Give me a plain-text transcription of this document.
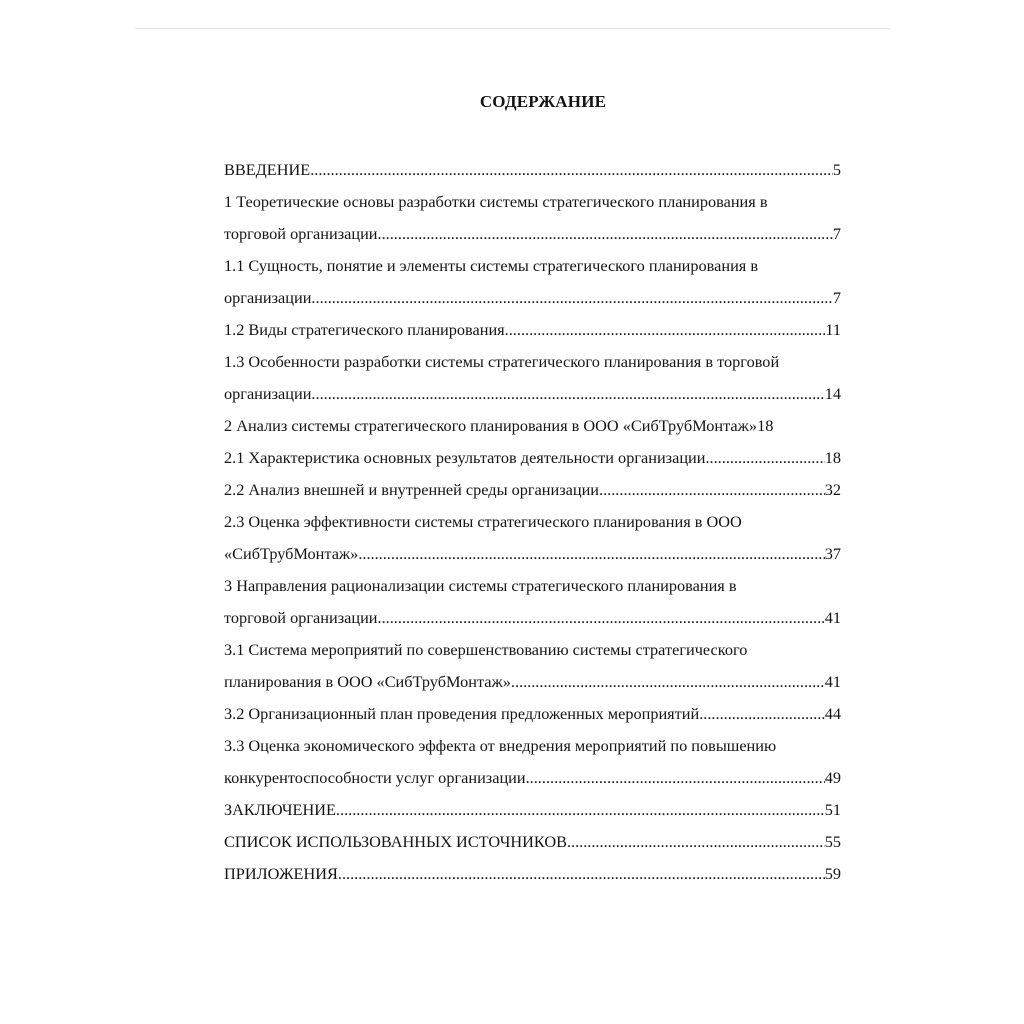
СОДЕРЖАНИЕ
ВВЕДЕНИЕ .....	5
1 Теоретические основы разработки системы стратегического планирования в
торговой организации .....	7
1.1 Сущность, понятие и элементы системы стратегического планирования в
организации .....	7
1.2 Виды стратегического планирования .....	11
1.3 Особенности разработки системы стратегического планирования в торговой
организации .....	14
2 Анализ системы стратегического планирования в ООО «СибТрубМонтаж» 18
2.1 Характеристика основных результатов деятельности организации .....	18
2.2 Анализ внешней и внутренней среды организации .....	32
2.3 Оценка эффективности системы стратегического планирования в ООО
«СибТрубМонтаж» .....	37
3 Направления рационализации системы стратегического планирования в
торговой организации .....	41
3.1 Система мероприятий по совершенствованию системы стратегического
планирования в ООО «СибТрубМонтаж» .....	41
3.2 Организационный план проведения предложенных мероприятий .....	44
3.3 Оценка экономического эффекта от внедрения мероприятий по повышению
конкурентоспособности услуг организации .....	49
ЗАКЛЮЧЕНИЕ .....	51
СПИСОК ИСПОЛЬЗОВАННЫХ ИСТОЧНИКОВ .....	55
ПРИЛОЖЕНИЯ .....	59
